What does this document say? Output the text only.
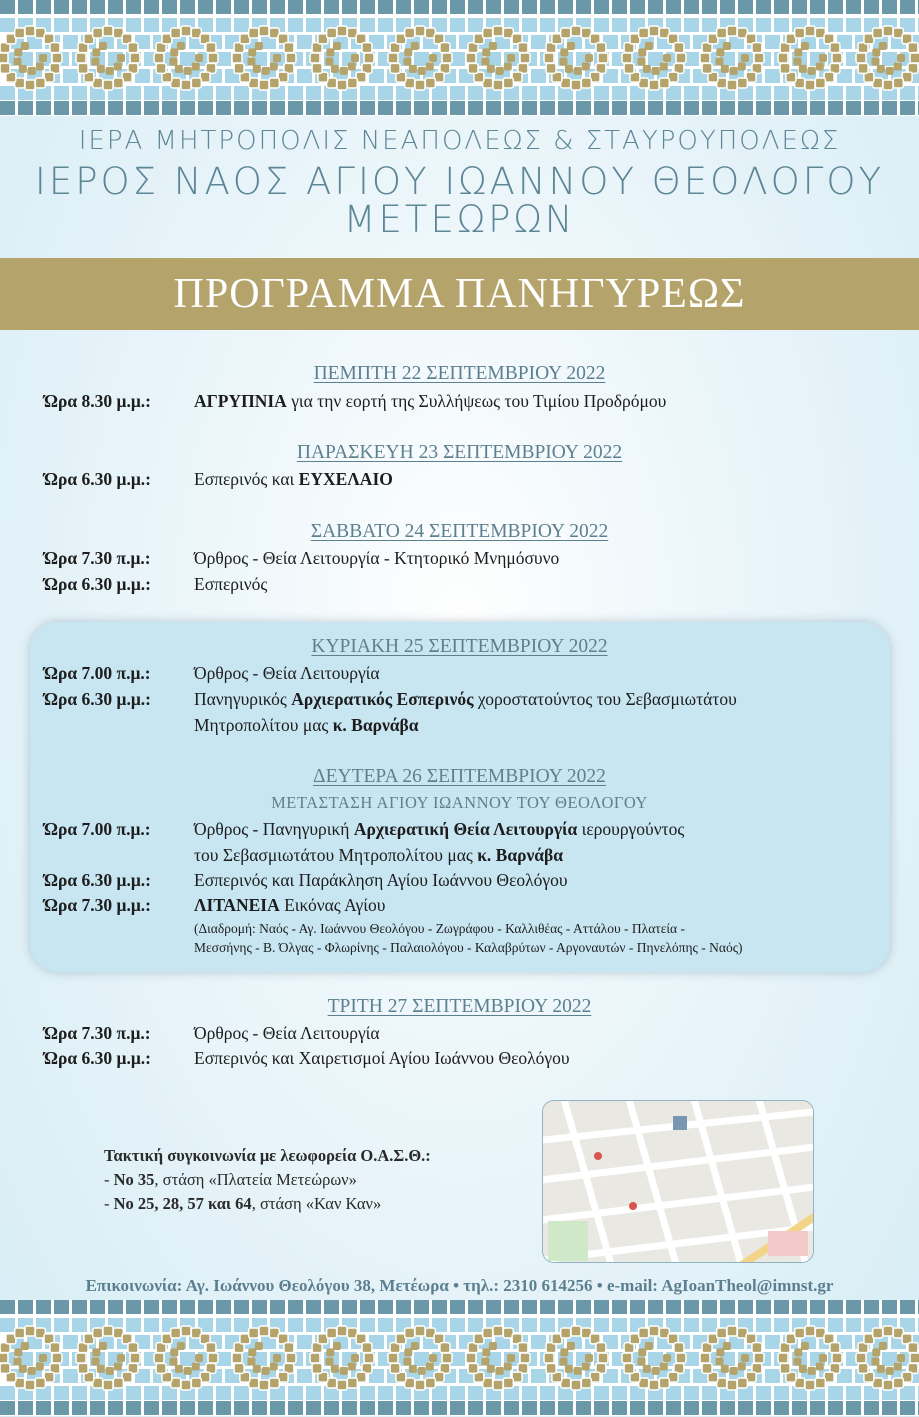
ΙΕΡΑ ΜΗΤΡΟΠΟΛΙΣ ΝΕΑΠΟΛΕΩΣ & ΣΤΑΥΡΟΥΠΟΛΕΩΣ
ΙΕΡΟΣ ΝΑΟΣ ΑΓΙΟΥ ΙΩΑΝΝΟΥ ΘΕΟΛΟΓΟΥ
ΜΕΤΕΩΡΩΝ
ΠΡΟΓΡΑΜΜΑ ΠΑΝΗΓΥΡΕΩΣ
ΠΕΜΠΤΗ 22 ΣΕΠΤΕΜΒΡΙΟΥ 2022
Ώρα 8.30 μ.μ.:	ΑΓΡΥΠΝΙΑ για την εορτή της Συλλήψεως του Τιμίου Προδρόμου
ΠΑΡΑΣΚΕΥΗ 23 ΣΕΠΤΕΜΒΡΙΟΥ 2022
Ώρα 6.30 μ.μ.:	Εσπερινός και ΕΥΧΕΛΑΙΟ
ΣΑΒΒΑΤΟ 24 ΣΕΠΤΕΜΒΡΙΟΥ 2022
Ώρα 7.30 π.μ.:	Όρθρος - Θεία Λειτουργία - Κτητορικό Μνημόσυνο
Ώρα 6.30 μ.μ.:	Εσπερινός
ΚΥΡΙΑΚΗ 25 ΣΕΠΤΕΜΒΡΙΟΥ 2022
Ώρα 7.00 π.μ.:	Όρθρος - Θεία Λειτουργία
Ώρα 6.30 μ.μ.:	Πανηγυρικός Αρχιερατικός Εσπερινός χοροστατούντος του Σεβασμιωτάτου
Μητροπολίτου μας κ. Βαρνάβα
ΔΕΥΤΕΡΑ 26 ΣΕΠΤΕΜΒΡΙΟΥ 2022
ΜΕΤΑΣΤΑΣΗ ΑΓΙΟΥ ΙΩΑΝΝΟΥ ΤΟΥ ΘΕΟΛΟΓΟΥ
Ώρα 7.00 π.μ.:	Όρθρος - Πανηγυρική Αρχιερατική Θεία Λειτουργία ιερουργούντος
του Σεβασμιωτάτου Μητροπολίτου μας κ. Βαρνάβα
Ώρα 6.30 μ.μ.:	Εσπερινός και Παράκληση Αγίου Ιωάννου Θεολόγου
Ώρα 7.30 μ.μ.:	ΛΙΤΑΝΕΙΑ Εικόνας Αγίου
(Διαδρομή: Ναός - Αγ. Ιωάννου Θεολόγου - Ζωγράφου - Καλλιθέας - Αττάλου - Πλατεία -
Μεσσήνης - Β. Όλγας - Φλωρίνης - Παλαιολόγου - Καλαβρύτων - Αργοναυτών - Πηνελόπης - Ναός)
ΤΡΙΤΗ 27 ΣΕΠΤΕΜΒΡΙΟΥ 2022
Ώρα 7.30 π.μ.:	Όρθρος - Θεία Λειτουργία
Ώρα 6.30 μ.μ.:	Εσπερινός και Χαιρετισμοί Αγίου Ιωάννου Θεολόγου
Τακτική συγκοινωνία με λεωφορεία Ο.Α.Σ.Θ.:
- Νο 35, στάση «Πλατεία Μετεώρων»
- Νο 25, 28, 57 και 64, στάση «Καν Καν»
Επικοινωνία: Αγ. Ιωάννου Θεολόγου 38, Μετέωρα • τηλ.: 2310 614256 • e-mail: AgIoanTheol@imnst.gr
